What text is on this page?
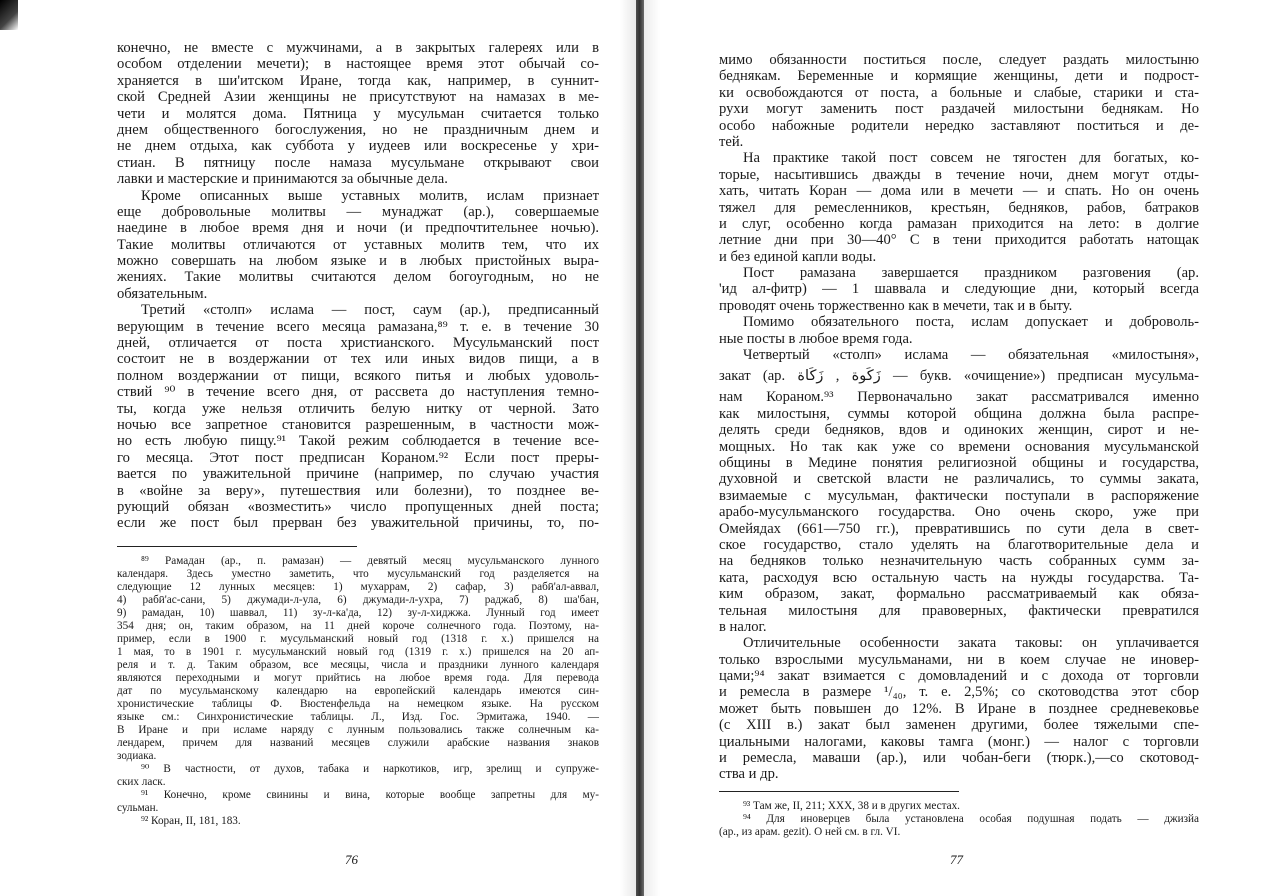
конечно, не вместе с мужчинами, а в закрытых галереях или в
особом отделении мечети); в настоящее время этот обычай со-
храняется в ши'итском Иране, тогда как, например, в суннит-
ской Средней Азии женщины не присутствуют на намазах в ме-
чети и молятся дома. Пятница у мусульман считается только
днем общественного богослужения, но не праздничным днем и
не днем отдыха, как суббота у иудеев или воскресенье у хри-
стиан. В пятницу после намаза мусульмане открывают свои
лавки и мастерские и принимаются за обычные дела.
Кроме описанных выше уставных молитв, ислам признает
еще добровольные молитвы — мунаджат (ар.), совершаемые
наедине в любое время дня и ночи (и предпочтительнее ночью).
Такие молитвы отличаются от уставных молитв тем, что их
можно совершать на любом языке и в любых пристойных выра-
жениях. Такие молитвы считаются делом богоугодным, но не
обязательным.
Третий «столп» ислама — пост, саум (ар.), предписанный
верующим в течение всего месяца рамазана,⁸⁹ т. е. в течение 30
дней, отличается от поста христианского. Мусульманский пост
состоит не в воздержании от тех или иных видов пищи, а в
полном воздержании от пищи, всякого питья и любых удоволь-
ствий ⁹⁰ в течение всего дня, от рассвета до наступления темно-
ты, когда уже нельзя отличить белую нитку от черной. Зато
ночью все запретное становится разрешенным, в частности мож-
но есть любую пищу.⁹¹ Такой режим соблюдается в течение все-
го месяца. Этот пост предписан Кораном.⁹² Если пост преры-
вается по уважительной причине (например, по случаю участия
в «войне за веру», путешествия или болезни), то позднее ве-
рующий обязан «возместить» число пропущенных дней поста;
если же пост был прерван без уважительной причины, то, по-
⁸⁹ Рамадан (ар., п. рамазан) — девятый месяц мусульманского лунного
календаря. Здесь уместно заметить, что мусульманский год разделяется на
следующие 12 лунных месяцев: 1) мухаррам, 2) сафар, 3) рабӣ'ал-аввал,
4) рабӣ'ас-сани, 5) джумади-л-ула, 6) джумади-л-ухра, 7) раджаб, 8) ша'бан,
9) рамадан, 10) шаввал, 11) зу-л-ка'да, 12) зу-л-хиджжа. Лунный год имеет
354 дня; он, таким образом, на 11 дней короче солнечного года. Поэтому, на-
пример, если в 1900 г. мусульманский новый год (1318 г. х.) пришелся на
1 мая, то в 1901 г. мусульманский новый год (1319 г. х.) пришелся на 20 ап-
реля и т. д. Таким образом, все месяцы, числа и праздники лунного календаря
являются переходными и могут прийтись на любое время года. Для перевода
дат по мусульманскому календарю на европейский календарь имеются син-
хронистические таблицы Ф. Вюстенфельда на немецком языке. На русском
языке см.: Синхронистические таблицы. Л., Изд. Гос. Эрмитажа, 1940. —
В Иране и при исламе наряду с лунным пользовались также солнечным ка-
лендарем, причем для названий месяцев служили арабские названия знаков
зодиака.
⁹⁰ В частности, от духов, табака и наркотиков, игр, зрелищ и супруже-
ских ласк.
⁹¹ Конечно, кроме свинины и вина, которые вообще запретны для му-
сульман.
⁹² Коран, II, 181, 183.
76
мимо обязанности поститься после, следует раздать милостыню
беднякам. Беременные и кормящие женщины, дети и подрост-
ки освобождаются от поста, а больные и слабые, старики и ста-
рухи могут заменить пост раздачей милостыни беднякам. Но
особо набожные родители нередко заставляют поститься и де-
тей.
На практике такой пост совсем не тягостен для богатых, ко-
торые, насытившись дважды в течение ночи, днем могут отды-
хать, читать Коран — дома или в мечети — и спать. Но он очень
тяжел для ремесленников, крестьян, бедняков, рабов, батраков
и слуг, особенно когда рамазан приходится на лето: в долгие
летние дни при 30—40° С в тени приходится работать натощак
и без единой капли воды.
Пост рамазана завершается праздником разговения (ар.
'ид ал-фитр) — 1 шаввала и следующие дни, который всегда
проводят очень торжественно как в мечети, так и в быту.
Помимо обязательного поста, ислам допускает и доброволь-
ные посты в любое время года.
Четвертый «столп» ислама — обязательная «милостыня»,
закат (ар. زَكَوة , زَكَاة — букв. «очищение») предписан мусульма-
нам Кораном.⁹³ Первоначально закат рассматривался именно
как милостыня, суммы которой община должна была распре-
делять среди бедняков, вдов и одиноких женщин, сирот и не-
мощных. Но так как уже со времени основания мусульманской
общины в Медине понятия религиозной общины и государства,
духовной и светской власти не различались, то суммы заката,
взимаемые с мусульман, фактически поступали в распоряжение
арабо-мусульманского государства. Оно очень скоро, уже при
Омейядах (661—750 гг.), превратившись по сути дела в свет-
ское государство, стало уделять на благотворительные дела и
на бедняков только незначительную часть собранных сумм за-
ката, расходуя всю остальную часть на нужды государства. Та-
ким образом, закат, формально рассматриваемый как обяза-
тельная милостыня для правоверных, фактически превратился
в налог.
Отличительные особенности заката таковы: он уплачивается
только взрослыми мусульманами, ни в коем случае не иновер-
цами;⁹⁴ закат взимается с домовладений и с дохода от торговли
и ремесла в размере ¹/₄₀, т. е. 2,5%; со скотоводства этот сбор
может быть повышен до 12%. В Иране в позднее средневековье
(с XIII в.) закат был заменен другими, более тяжелыми спе-
циальными налогами, каковы тамга (монг.) — налог с торговли
и ремесла, маваши (ар.), или чобан-беги (тюрк.),—со скотовод-
ства и др.
⁹³ Там же, II, 211; XXX, 38 и в других местах.
⁹⁴ Для иноверцев была установлена особая подушная подать — джизйа
(ар., из арам. gezit). О ней см. в гл. VI.
77
